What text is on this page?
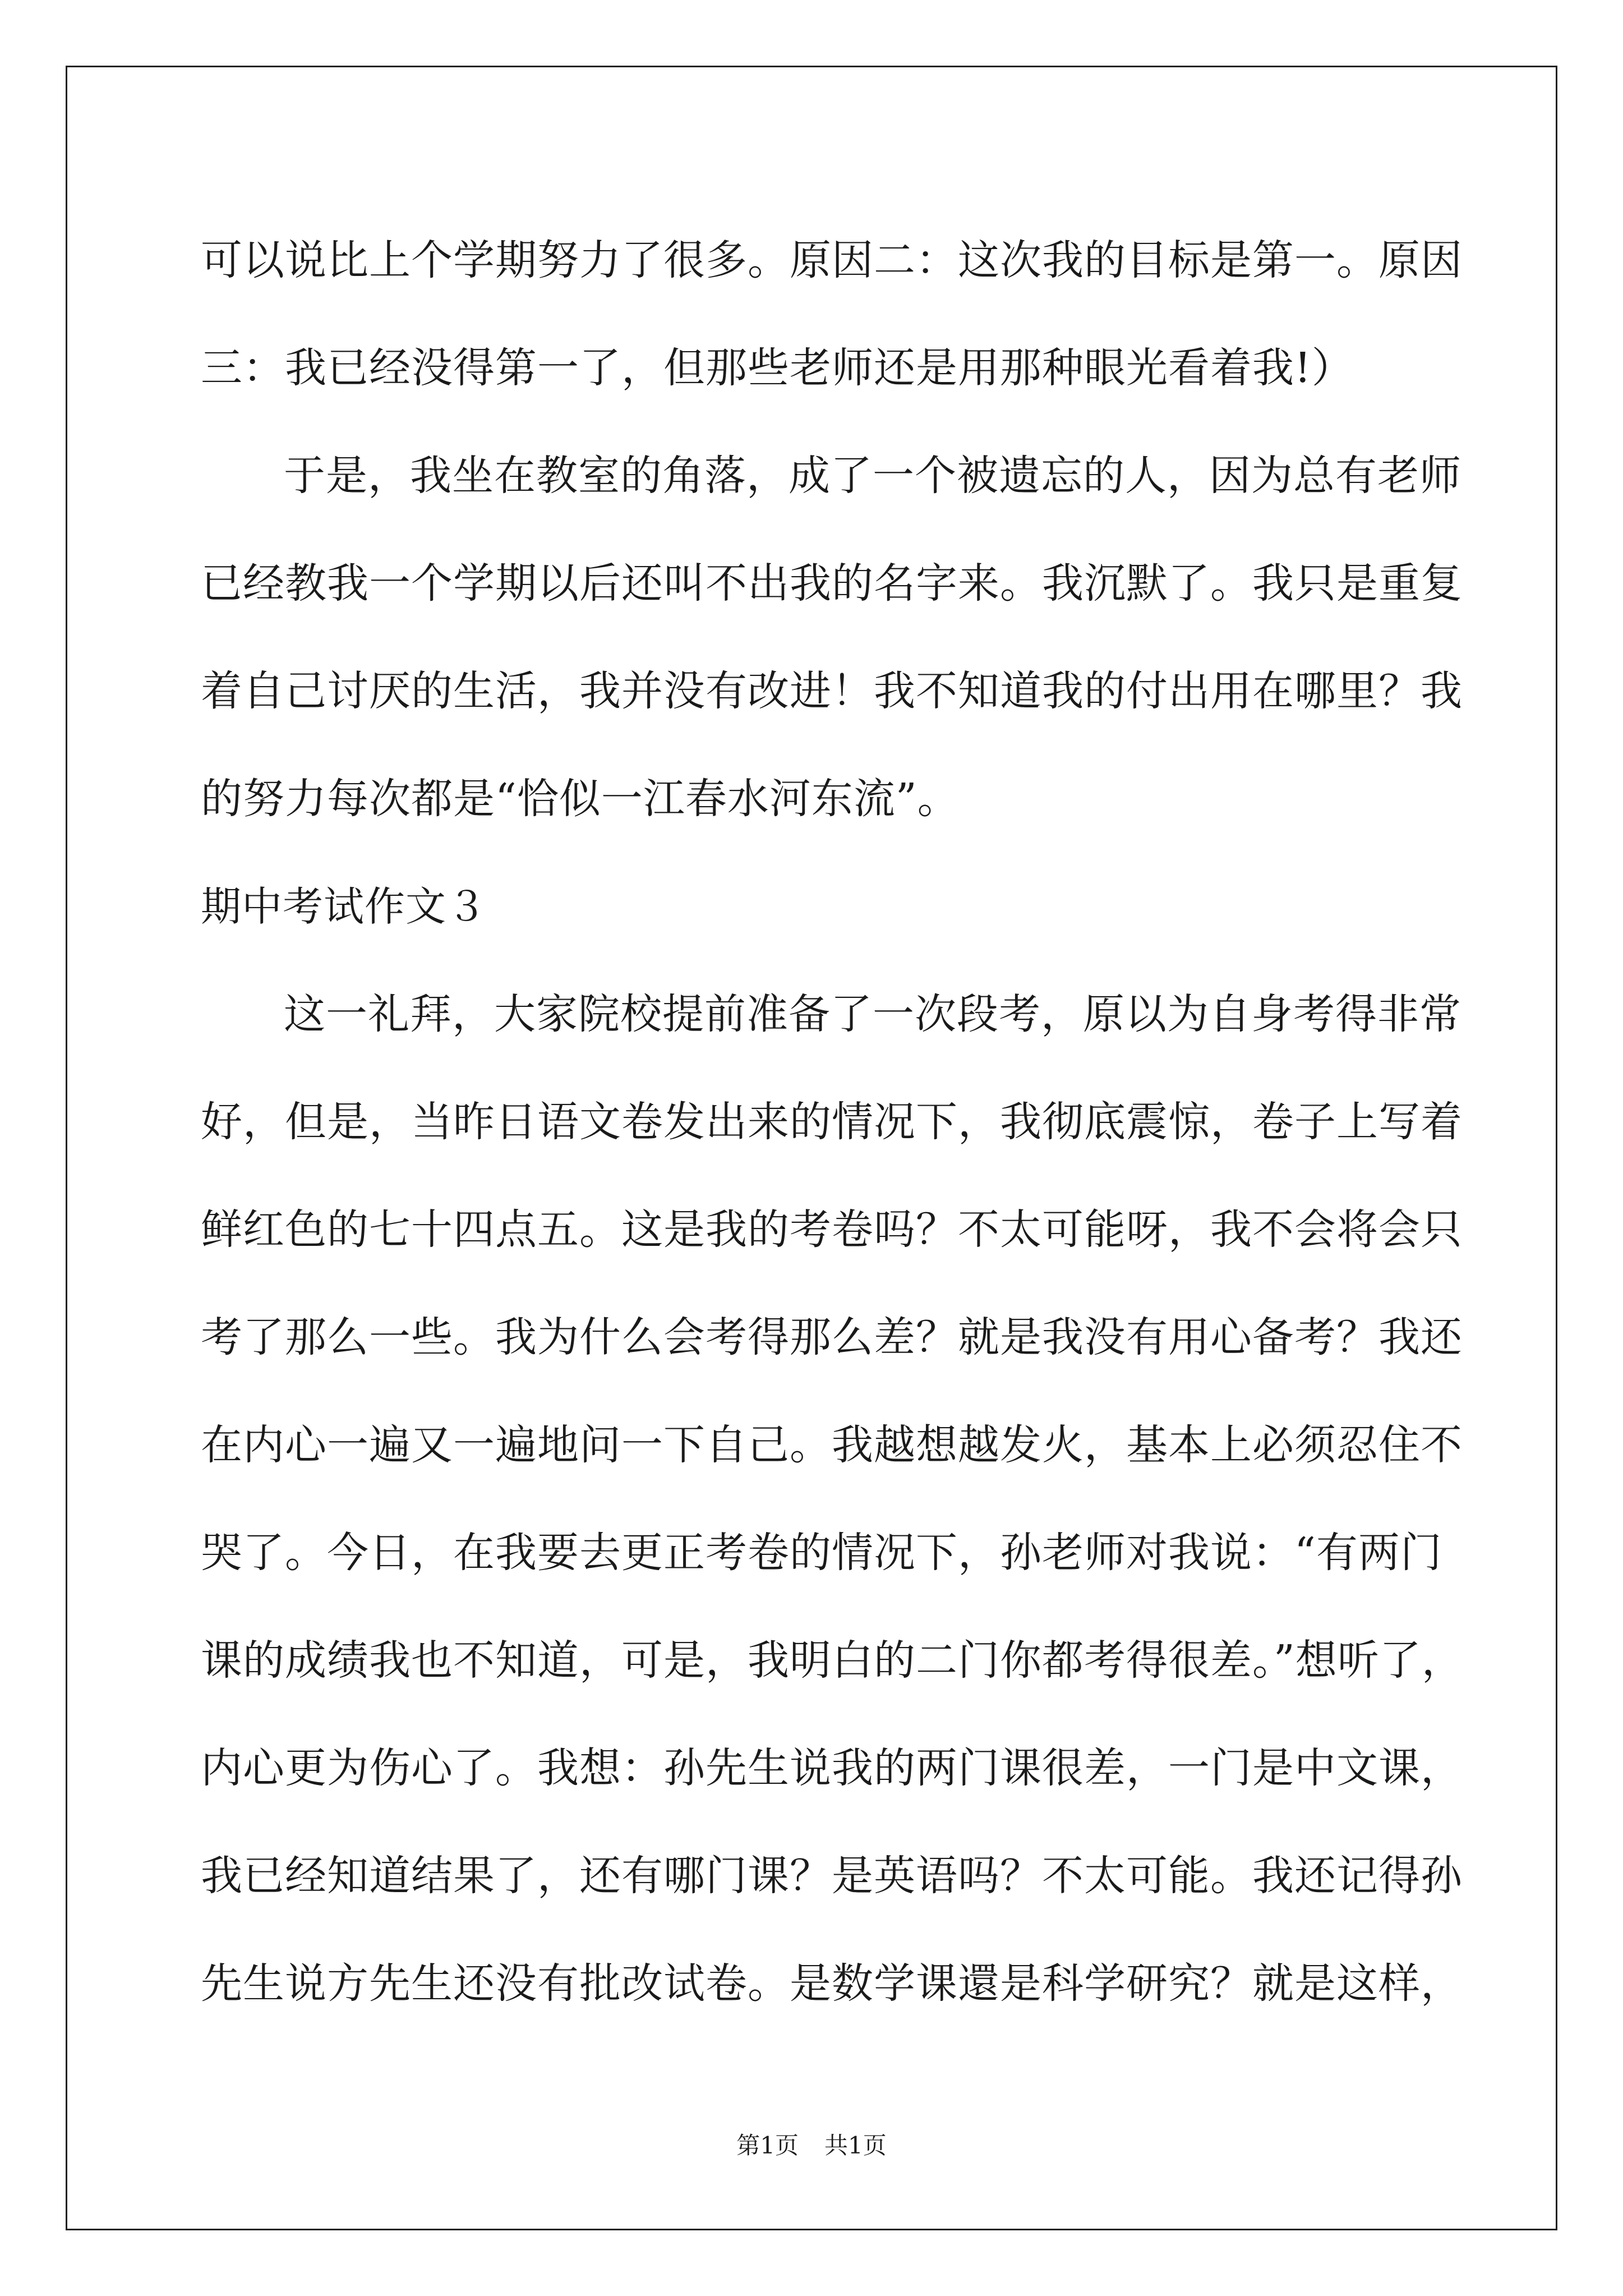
可以说比上个学期努力了很多。原因二：这次我的目标是第一。原因
三：我已经没得第一了，但那些老师还是用那种眼光看着我!）
于是，我坐在教室的角落，成了一个被遗忘的人，因为总有老师
已经教我一个学期以后还叫不出我的名字来。我沉默了。我只是重复
着自己讨厌的生活，我并没有改进！我不知道我的付出用在哪里？我
的努力每次都是“恰似一江春水河东流”。
期中考试作文３
这一礼拜，大家院校提前准备了一次段考，原以为自身考得非常
好，但是，当昨日语文卷发出来的情况下，我彻底震惊，卷子上写着
鲜红色的七十四点五。这是我的考卷吗？不太可能呀，我不会将会只
考了那么一些。我为什么会考得那么差？就是我没有用心备考？我还
在内心一遍又一遍地问一下自己。我越想越发火，基本上必须忍住不
哭了。今日，在我要去更正考卷的情况下，孙老师对我说：“有两门
课的成绩我也不知道，可是，我明白的二门你都考得很差。”想听了，
内心更为伤心了。我想：孙先生说我的两门课很差，一门是中文课，
我已经知道结果了，还有哪门课？是英语吗？不太可能。我还记得孙
先生说方先生还没有批改试卷。是数学课還是科学研究？就是这样，
第1页 共1页
